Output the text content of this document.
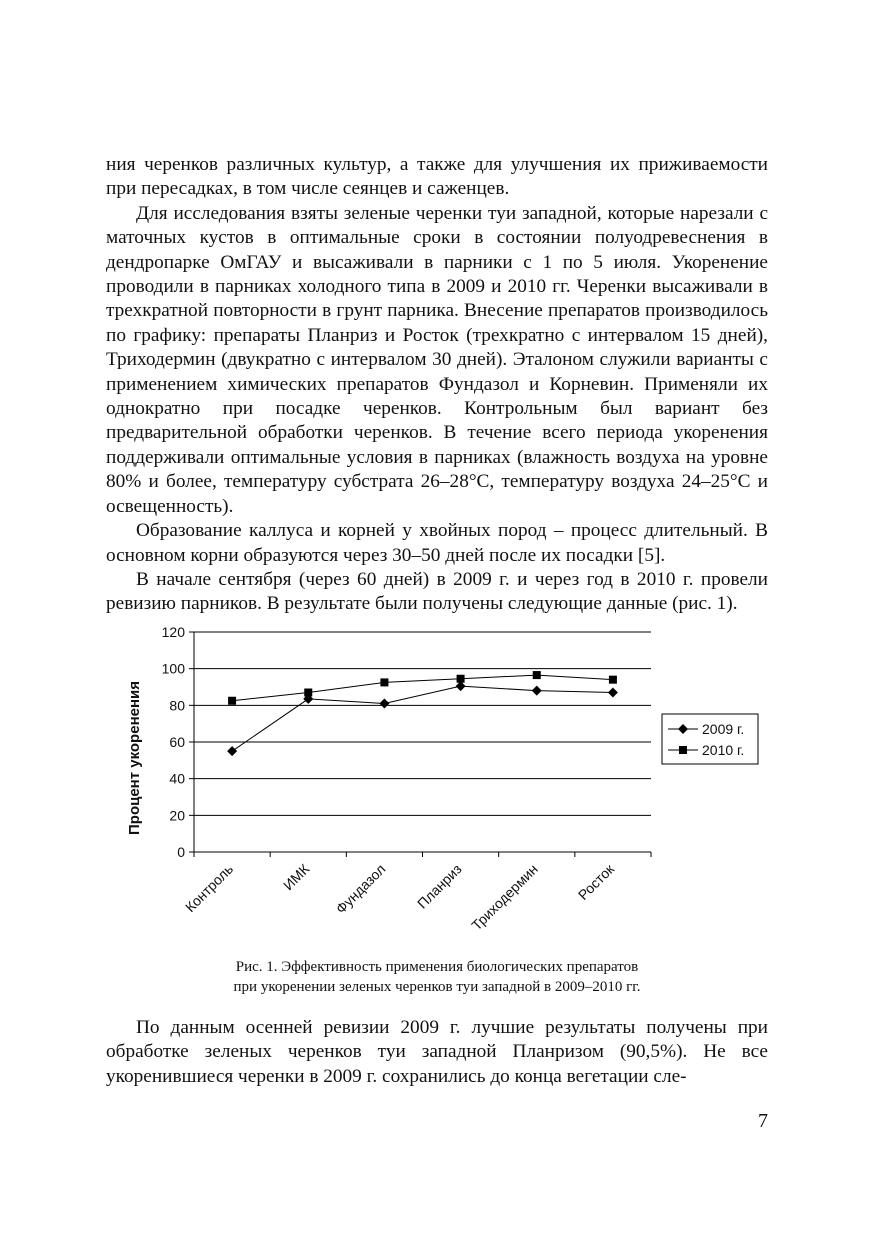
ния черенков различных культур, а также для улучшения их приживаемости при пересадках, в том числе сеянцев и саженцев.

Для исследования взяты зеленые черенки туи западной, которые нарезали с маточных кустов в оптимальные сроки в состоянии полуодревеснения в дендропарке ОмГАУ и высаживали в парники с 1 по 5 июля. Укоренение проводили в парниках холодного типа в 2009 и 2010 гг. Черенки высаживали в трехкратной повторности в грунт парника. Внесение препаратов производилось по графику: препараты Планриз и Росток (трехкратно с интервалом 15 дней), Триходермин (двукратно с интервалом 30 дней). Эталоном служили варианты с применением химических препаратов Фундазол и Корневин. Применяли их однократно при посадке черенков. Контрольным был вариант без предварительной обработки черенков. В течение всего периода укоренения поддерживали оптимальные условия в парниках (влажность воздуха на уровне 80% и более, температуру субстрата 26–28°С, температуру воздуха 24–25°С и освещенность).

Образование каллуса и корней у хвойных пород – процесс длительный. В основном корни образуются через 30–50 дней после их посадки [5].

В начале сентября (через 60 дней) в 2009 г. и через год в 2010 г. провели ревизию парников. В результате были получены следующие данные (рис. 1).

0
20
40
60
80
100
120
Контроль	ИМК Фундазол Планриз Триходермин Росток
Процент укоренения	2009 г.
2010 г.
Рис. 1. Эффективность применения биологических препаратов
при укоренении зеленых черенков туи западной в 2009–2010 гг.

По данным осенней ревизии 2009 г. лучшие результаты получены при обработке зеленых черенков туи западной Планризом (90,5%). Не все укоренившиеся черенки в 2009 г. сохранились до конца вегетации сле-

7
